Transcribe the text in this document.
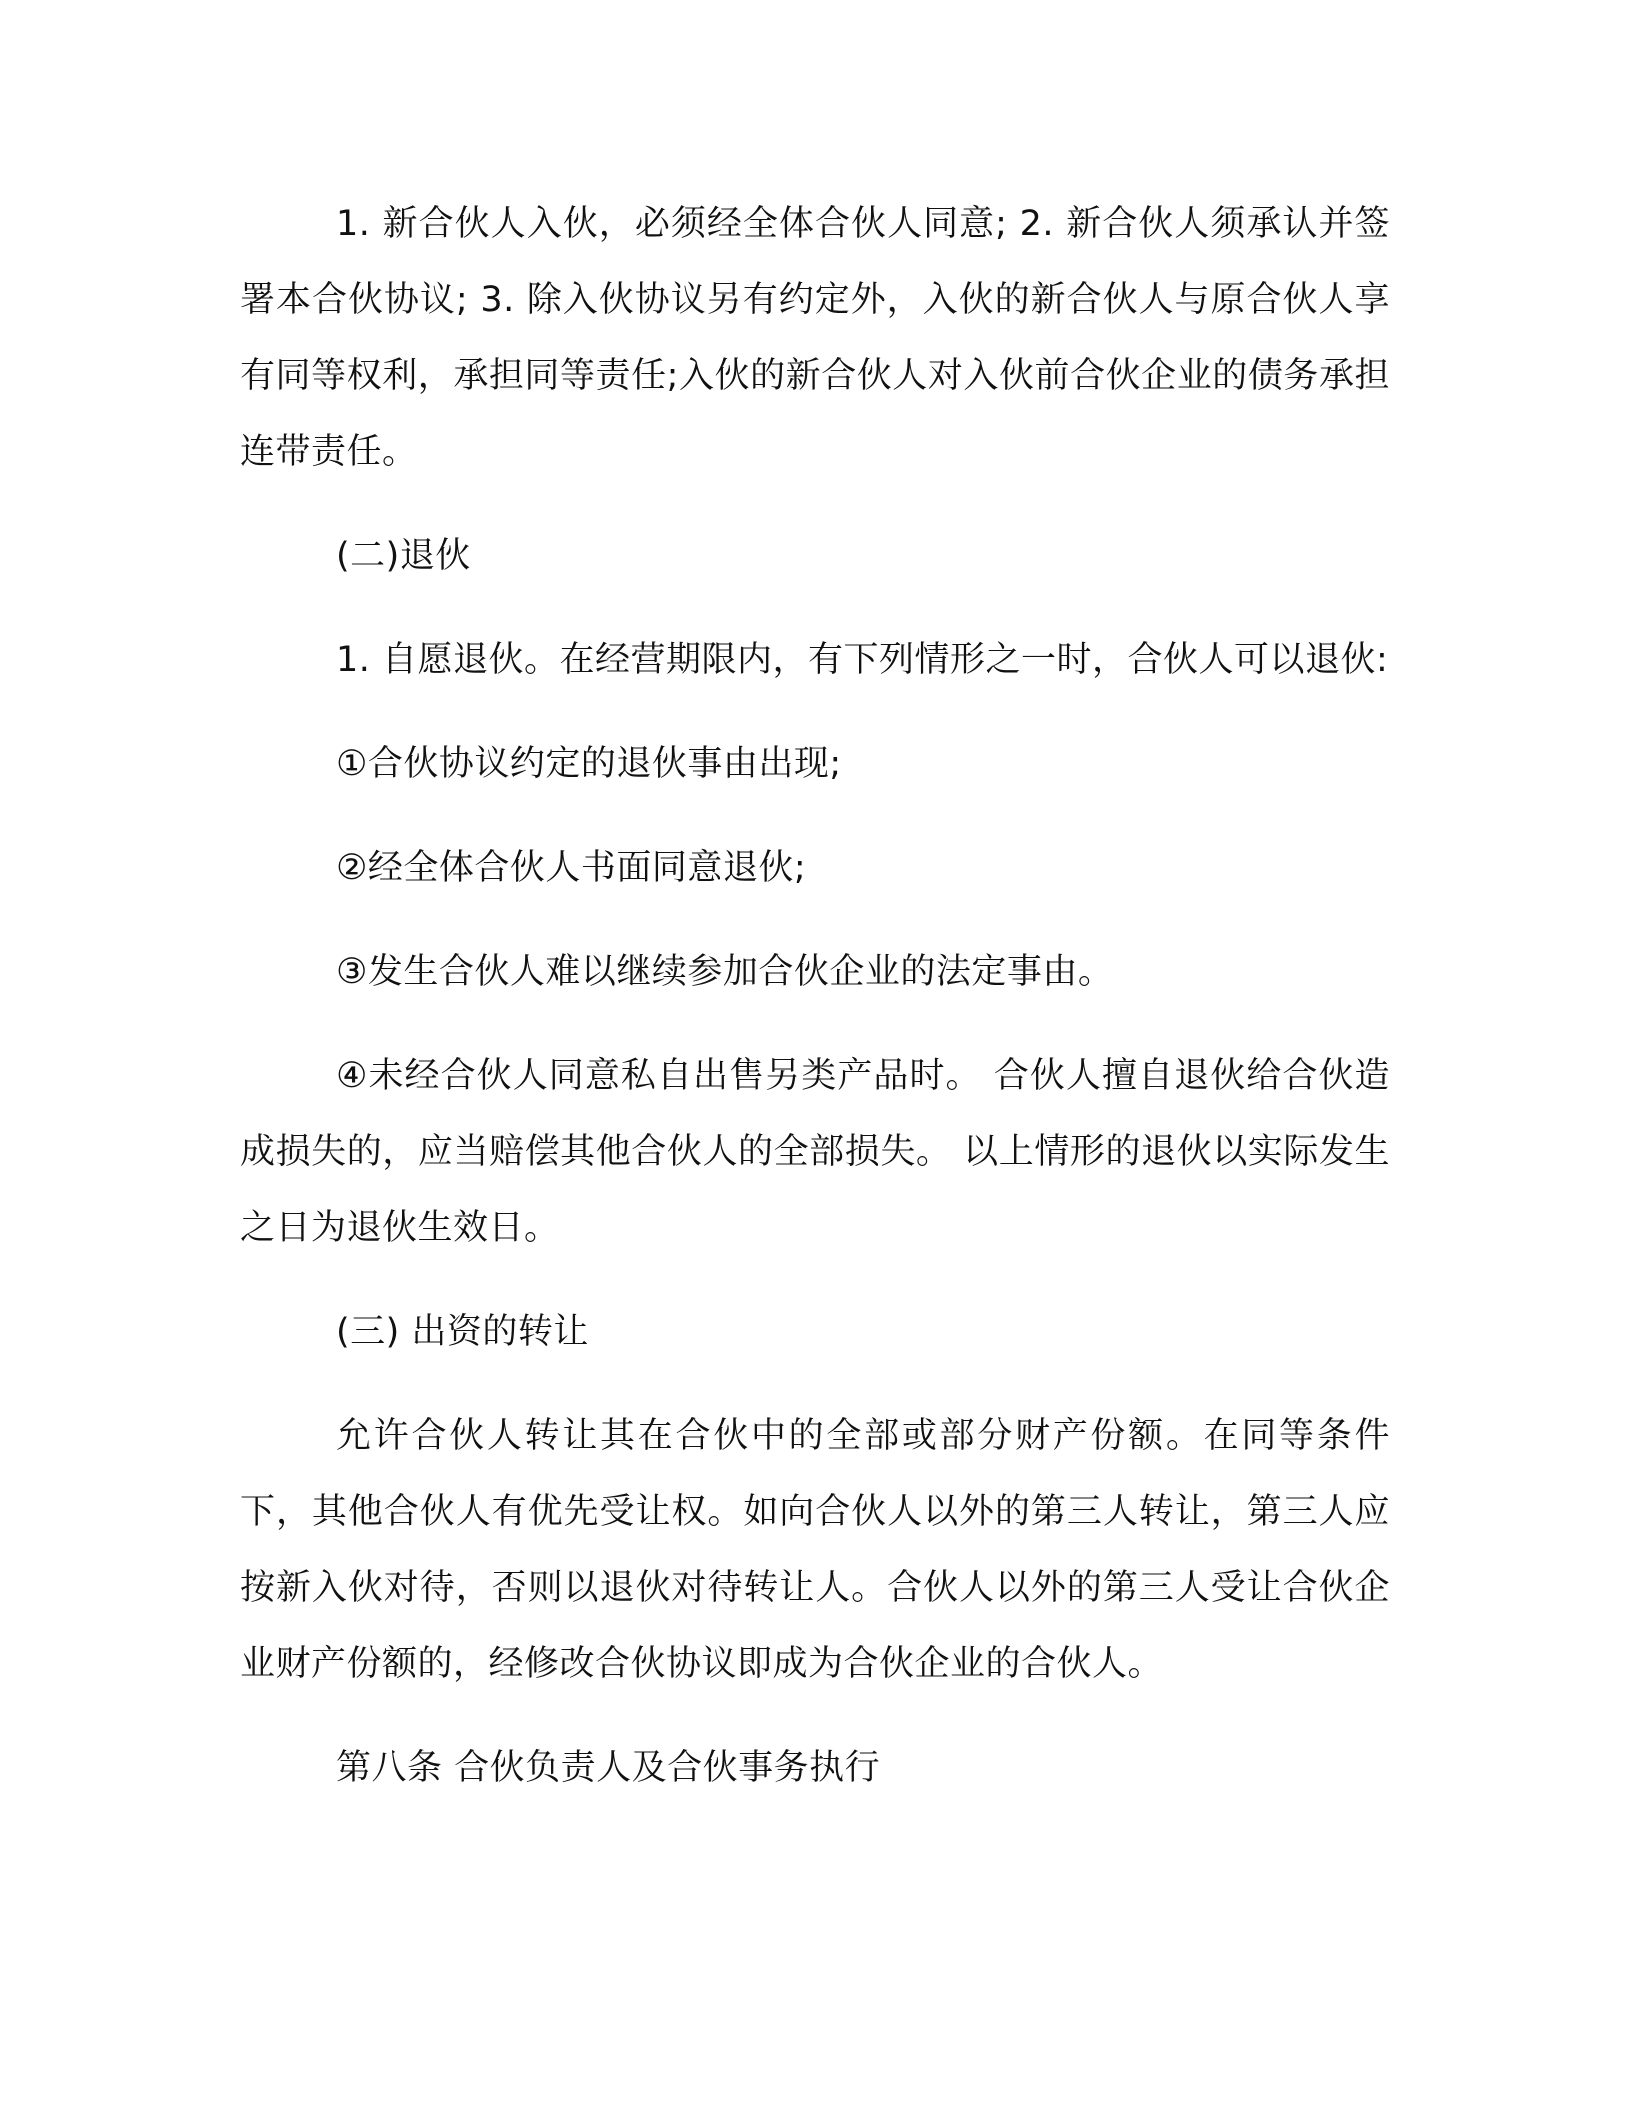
1. 新合伙人入伙，必须经全体合伙人同意; 2. 新合伙人须承认并签署本合伙协议; 3. 除入伙协议另有约定外，入伙的新合伙人与原合伙人享有同等权利，承担同等责任;入伙的新合伙人对入伙前合伙企业的债务承担连带责任。

(二)退伙

1. 自愿退伙。在经营期限内，有下列情形之一时，合伙人可以退伙:

①合伙协议约定的退伙事由出现;

②经全体合伙人书面同意退伙;

③发生合伙人难以继续参加合伙企业的法定事由。

④未经合伙人同意私自出售另类产品时。 合伙人擅自退伙给合伙造成损失的，应当赔偿其他合伙人的全部损失。 以上情形的退伙以实际发生之日为退伙生效日。

(三) 出资的转让

允许合伙人转让其在合伙中的全部或部分财产份额。在同等条件下，其他合伙人有优先受让权。如向合伙人以外的第三人转让，第三人应按新入伙对待，否则以退伙对待转让人。合伙人以外的第三人受让合伙企业财产份额的，经修改合伙协议即成为合伙企业的合伙人。

第八条 合伙负责人及合伙事务执行
